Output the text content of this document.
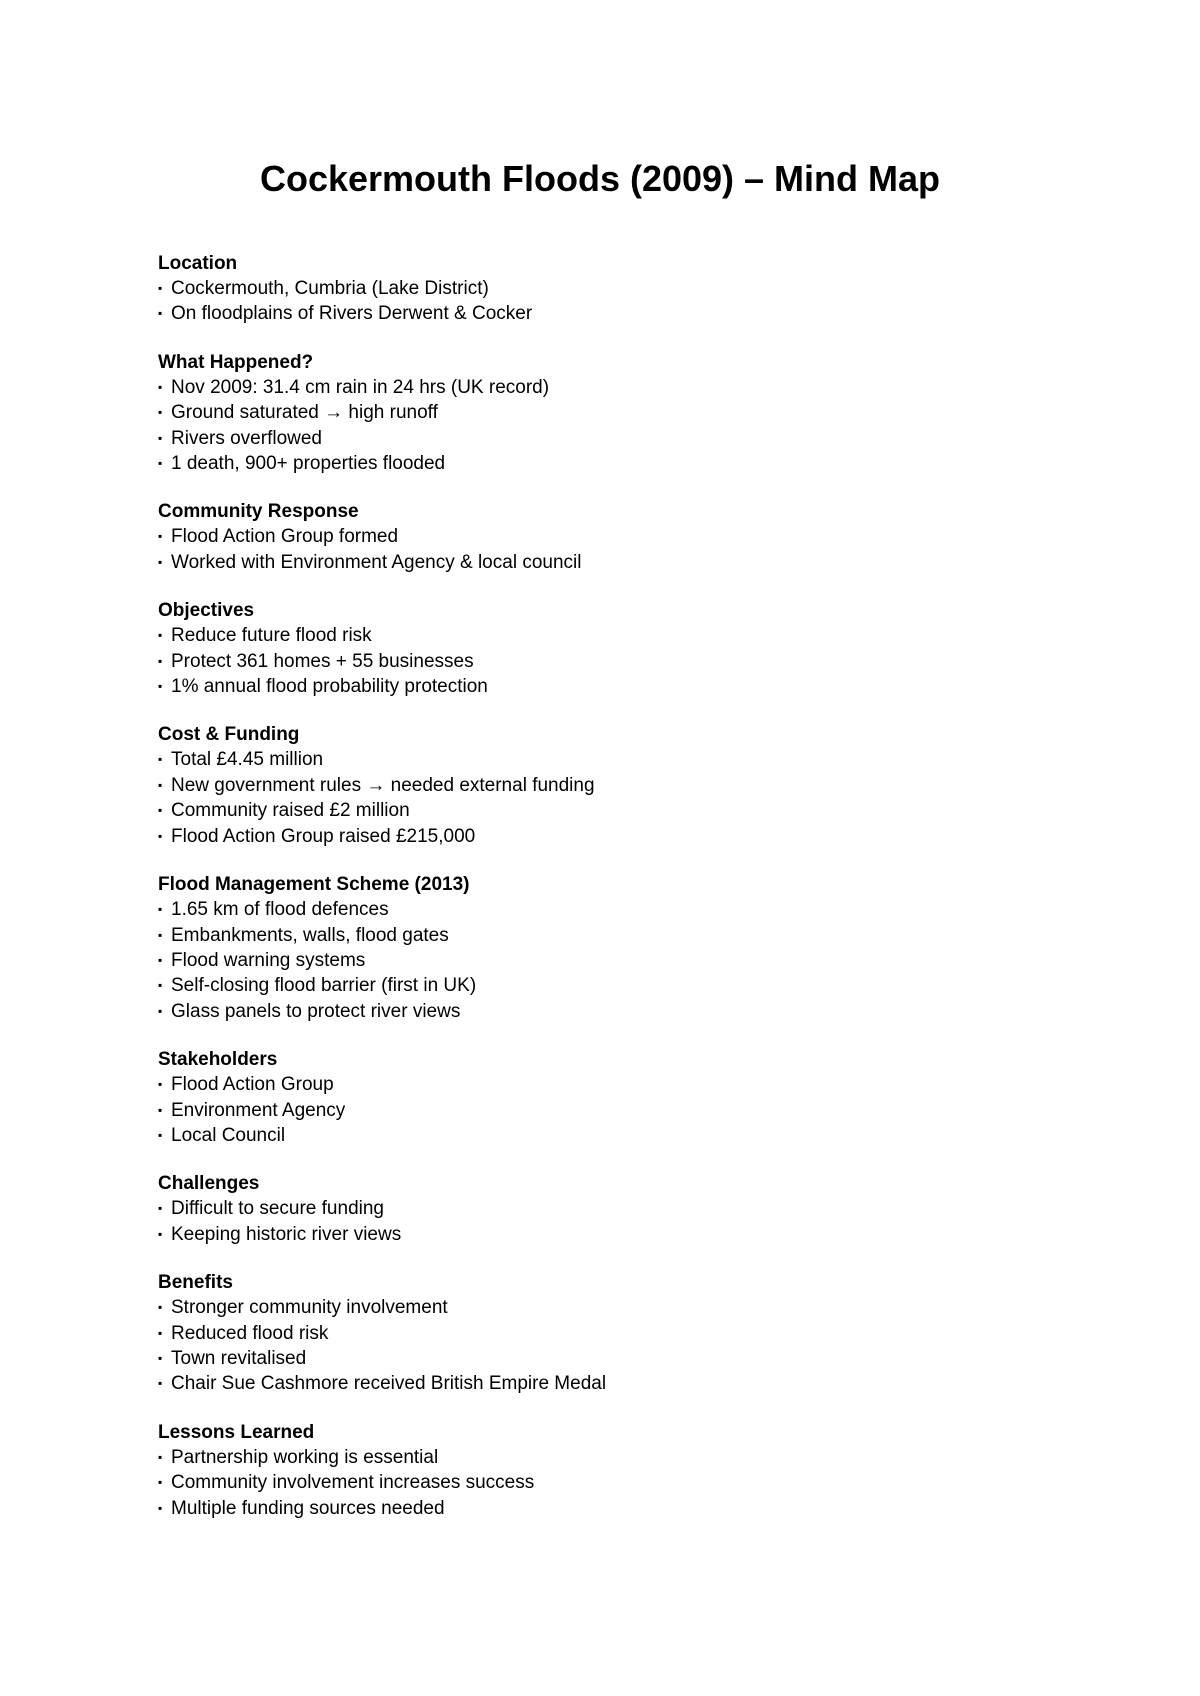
Cockermouth Floods (2009) – Mind Map
Location
▪ Cockermouth, Cumbria (Lake District)
▪ On floodplains of Rivers Derwent & Cocker
What Happened?
▪ Nov 2009: 31.4 cm rain in 24 hrs (UK record)
▪ Ground saturated → high runoff
▪ Rivers overflowed
▪ 1 death, 900+ properties flooded
Community Response
▪ Flood Action Group formed
▪ Worked with Environment Agency & local council
Objectives
▪ Reduce future flood risk
▪ Protect 361 homes + 55 businesses
▪ 1% annual flood probability protection
Cost & Funding
▪ Total £4.45 million
▪ New government rules → needed external funding
▪ Community raised £2 million
▪ Flood Action Group raised £215,000
Flood Management Scheme (2013)
▪ 1.65 km of flood defences
▪ Embankments, walls, flood gates
▪ Flood warning systems
▪ Self-closing flood barrier (first in UK)
▪ Glass panels to protect river views
Stakeholders
▪ Flood Action Group
▪ Environment Agency
▪ Local Council
Challenges
▪ Difficult to secure funding
▪ Keeping historic river views
Benefits
▪ Stronger community involvement
▪ Reduced flood risk
▪ Town revitalised
▪ Chair Sue Cashmore received British Empire Medal
Lessons Learned
▪ Partnership working is essential
▪ Community involvement increases success
▪ Multiple funding sources needed
